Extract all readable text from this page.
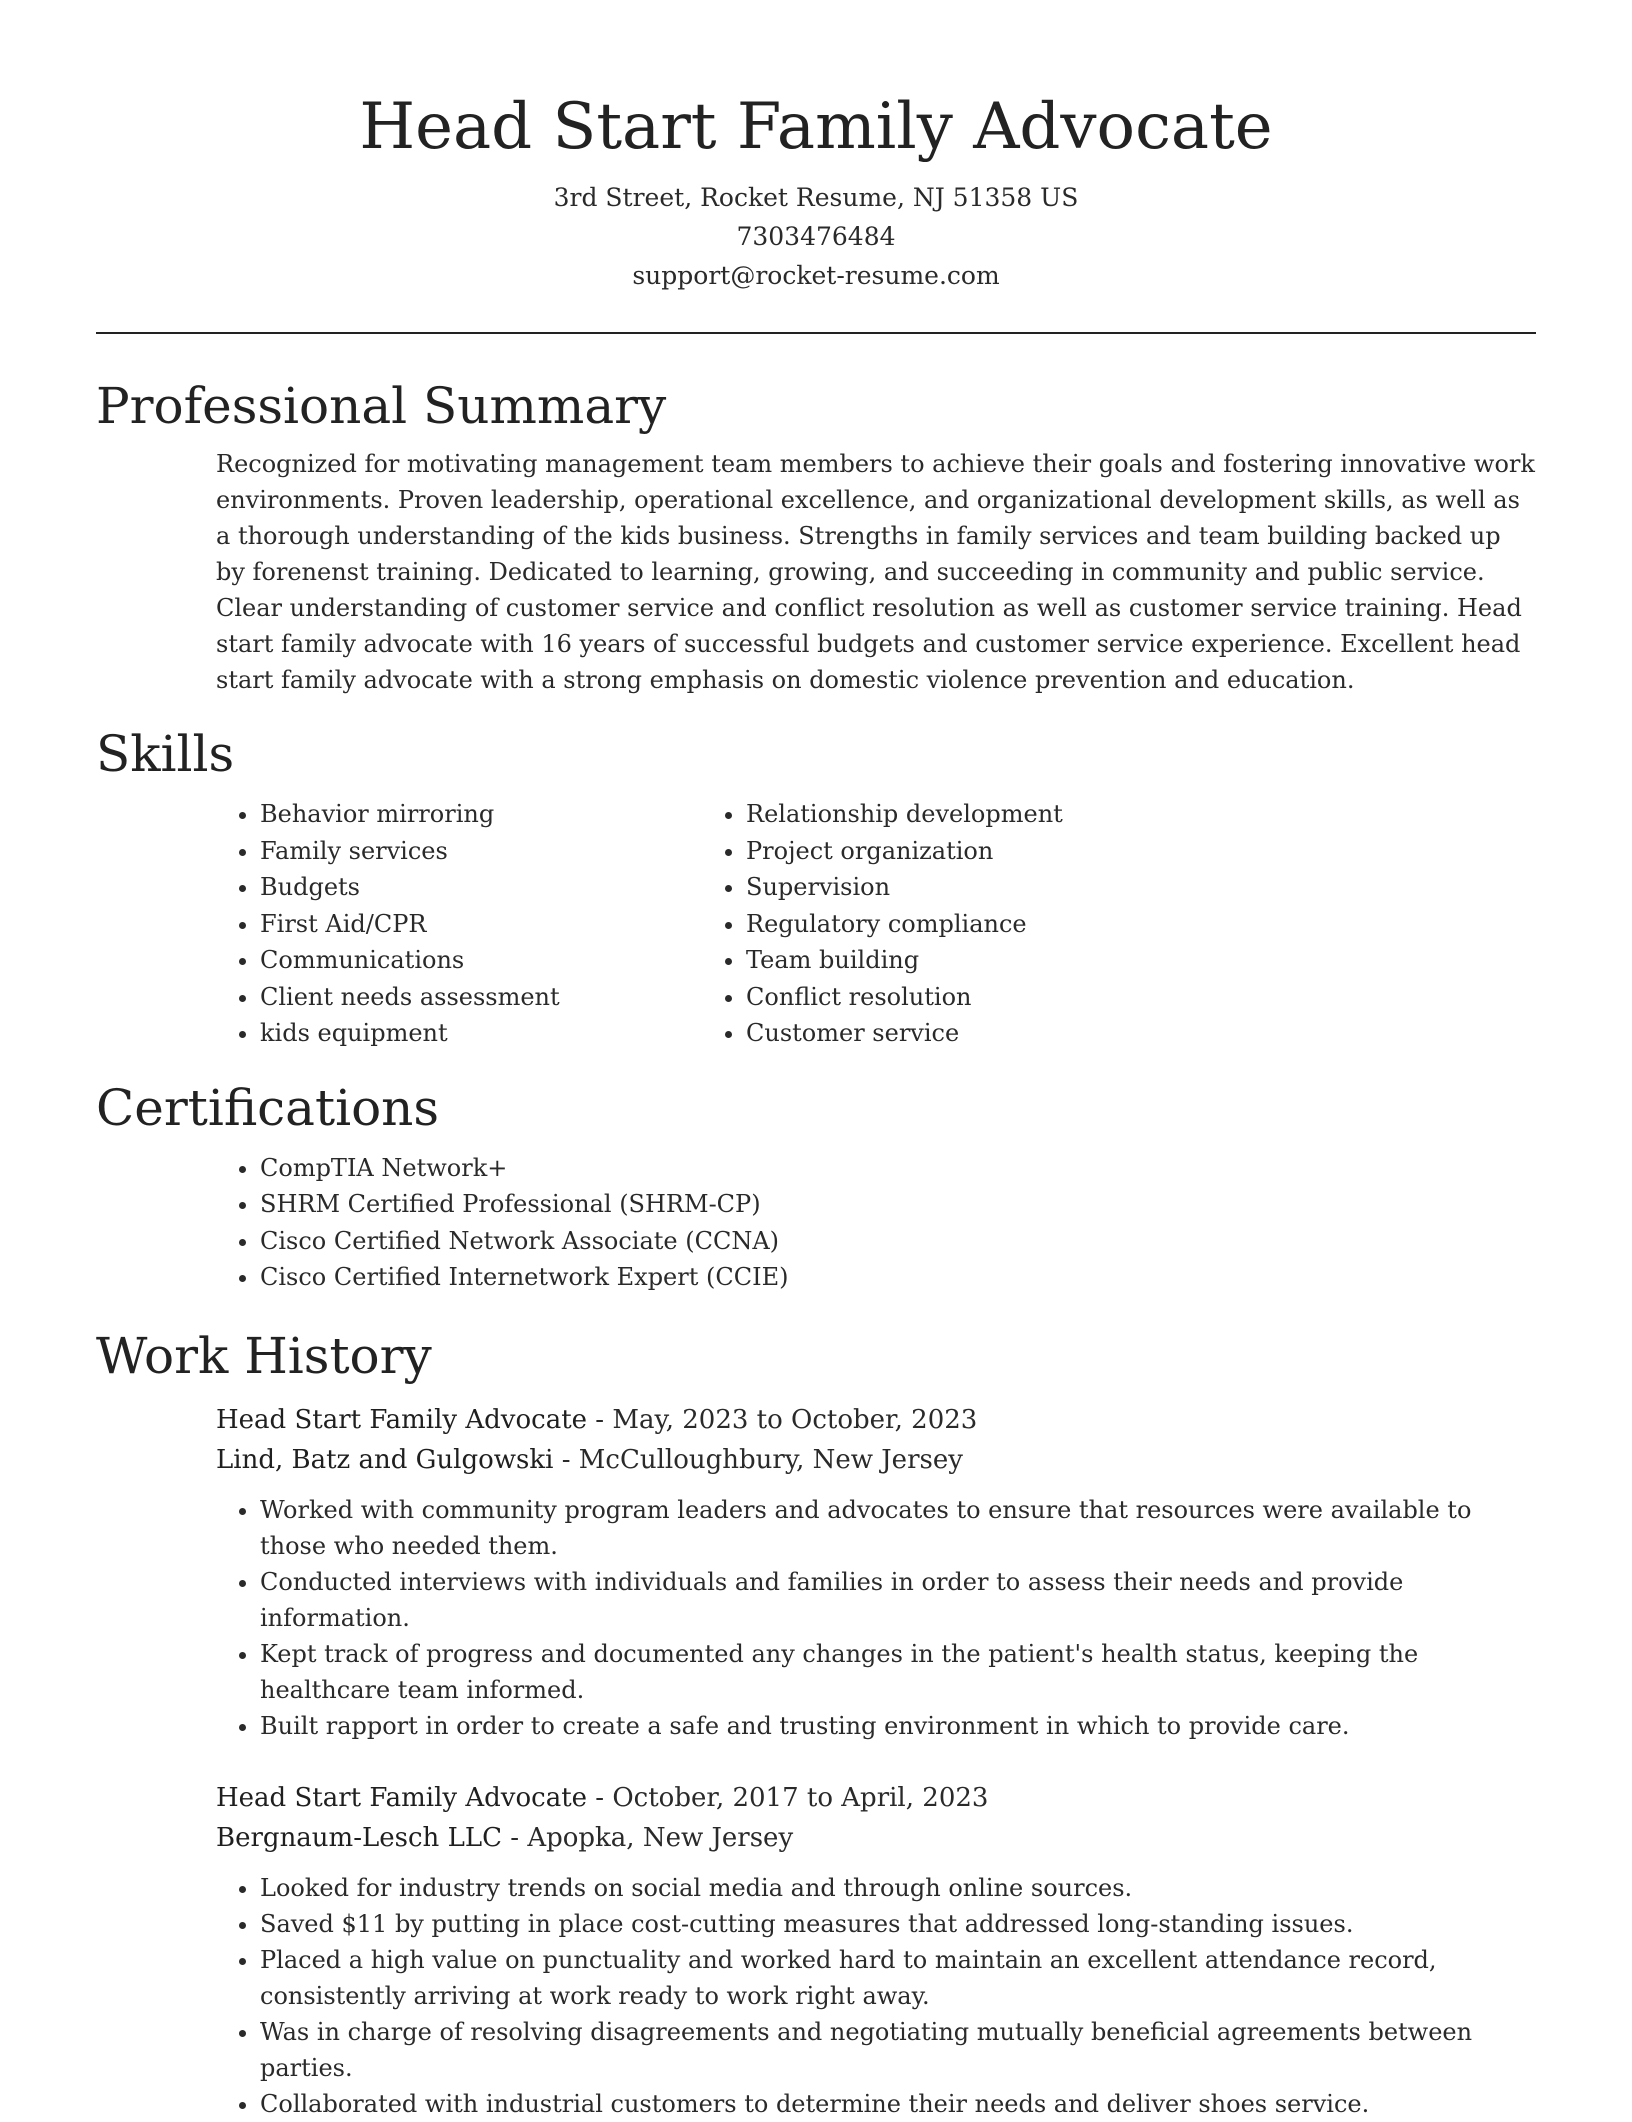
Head Start Family Advocate

3rd Street, Rocket Resume, NJ 51358 US

7303476484

support@rocket-resume.com

Professional Summary

Recognized for motivating management team members to achieve their goals and fostering innovative work environments. Proven leadership, operational excellence, and organizational development skills, as well as a thorough understanding of the kids business. Strengths in family services and team building backed up by forenenst training. Dedicated to learning, growing, and succeeding in community and public service. Clear understanding of customer service and conflict resolution as well as customer service training. Head start family advocate with 16 years of successful budgets and customer service experience. Excellent head start family advocate with a strong emphasis on domestic violence prevention and education.

Skills
• Behavior mirroring
• Family services
• Budgets
• First Aid/CPR
• Communications
• Client needs assessment
• kids equipment
• Relationship development
• Project organization
• Supervision
• Regulatory compliance
• Team building
• Conflict resolution
• Customer service
Certifications
• CompTIA Network+
• SHRM Certified Professional (SHRM-CP)
• Cisco Certified Network Associate (CCNA)
• Cisco Certified Internetwork Expert (CCIE)
Work History

Head Start Family Advocate - May, 2023 to October, 2023

Lind, Batz and Gulgowski - McCulloughbury, New Jersey

• Worked with community program leaders and advocates to ensure that resources were available to those who needed them.
• Conducted interviews with individuals and families in order to assess their needs and provide information.
• Kept track of progress and documented any changes in the patient's health status, keeping the healthcare team informed.
• Built rapport in order to create a safe and trusting environment in which to provide care.

Head Start Family Advocate - October, 2017 to April, 2023

Bergnaum-Lesch LLC - Apopka, New Jersey

• Looked for industry trends on social media and through online sources.
• Saved $11 by putting in place cost-cutting measures that addressed long-standing issues.
• Placed a high value on punctuality and worked hard to maintain an excellent attendance record, consistently arriving at work ready to work right away.
• Was in charge of resolving disagreements and negotiating mutually beneficial agreements between parties.
• Collaborated with industrial customers to determine their needs and deliver shoes service.
